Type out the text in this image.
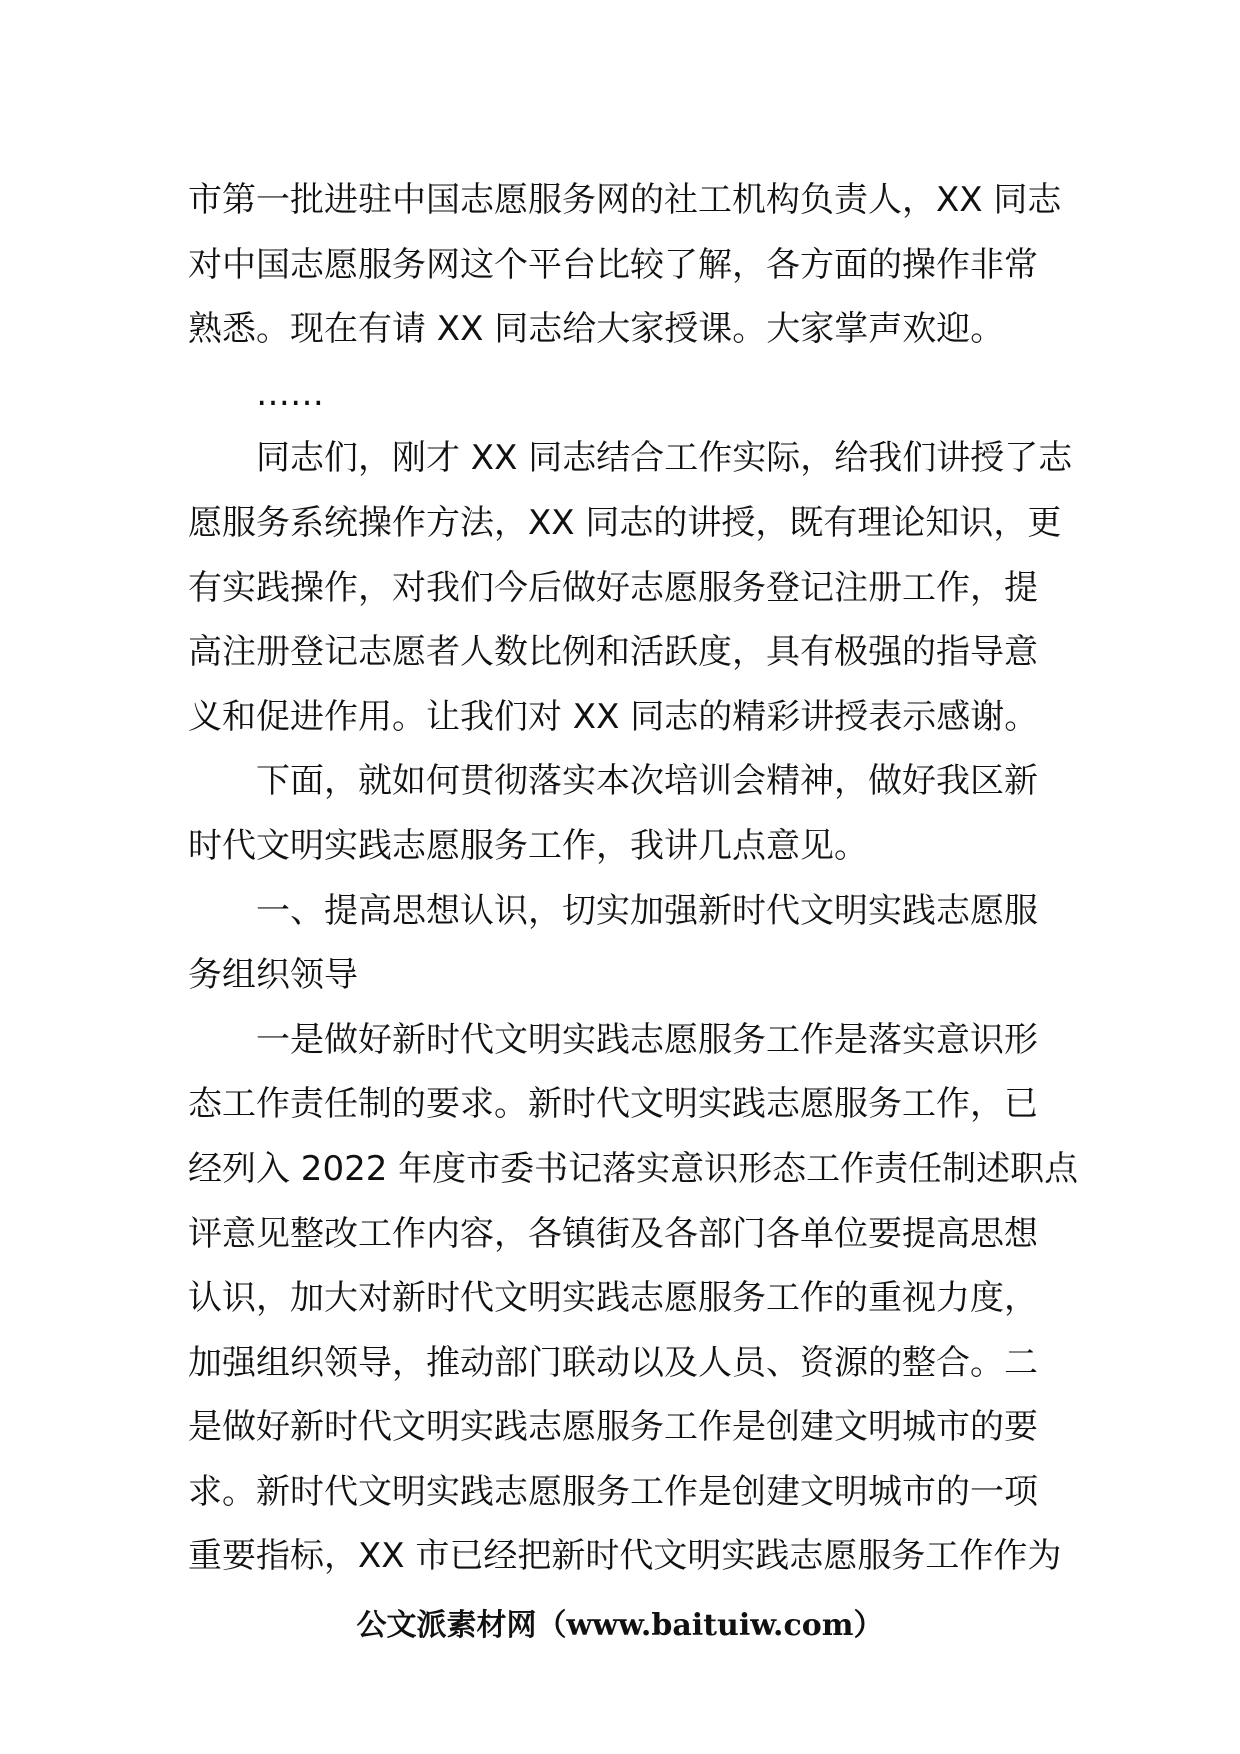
市第一批进驻中国志愿服务网的社工机构负责人，XX 同志
对中国志愿服务网这个平台比较了解，各方面的操作非常
熟悉。现在有请 XX 同志给大家授课。大家掌声欢迎。
……
同志们，刚才 XX 同志结合工作实际，给我们讲授了志
愿服务系统操作方法，XX 同志的讲授，既有理论知识，更
有实践操作，对我们今后做好志愿服务登记注册工作，提
高注册登记志愿者人数比例和活跃度，具有极强的指导意
义和促进作用。让我们对 XX 同志的精彩讲授表示感谢。
下面，就如何贯彻落实本次培训会精神，做好我区新
时代文明实践志愿服务工作，我讲几点意见。
一、提高思想认识，切实加强新时代文明实践志愿服
务组织领导
一是做好新时代文明实践志愿服务工作是落实意识形
态工作责任制的要求。新时代文明实践志愿服务工作，已
经列入 2022 年度市委书记落实意识形态工作责任制述职点
评意见整改工作内容，各镇街及各部门各单位要提高思想
认识，加大对新时代文明实践志愿服务工作的重视力度，
加强组织领导，推动部门联动以及人员、资源的整合。二
是做好新时代文明实践志愿服务工作是创建文明城市的要
求。新时代文明实践志愿服务工作是创建文明城市的一项
重要指标，XX 市已经把新时代文明实践志愿服务工作作为
公文派素材网（www.baituiw.com）
